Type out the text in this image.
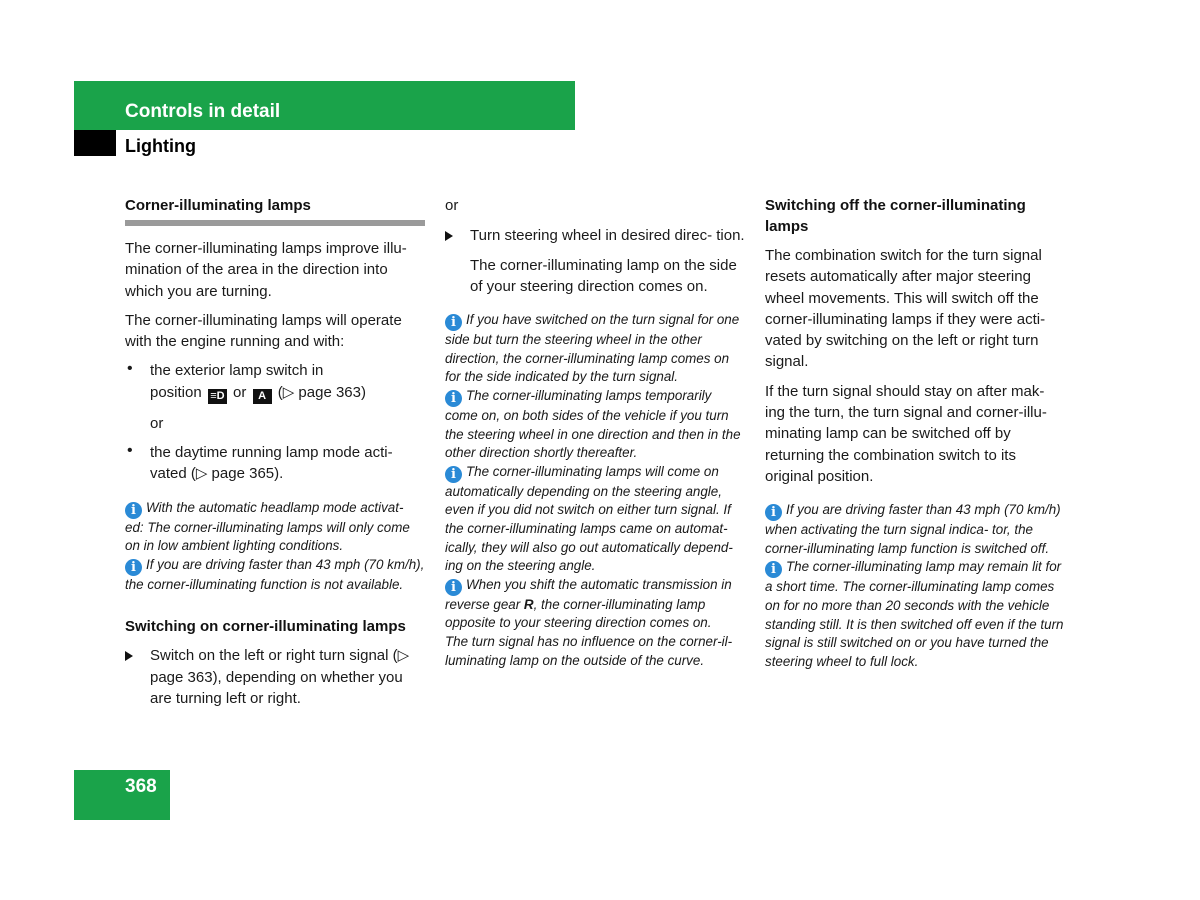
Controls in detail
Lighting
Corner-illuminating lamps

The corner-illuminating lamps improve illu- mination of the area in the direction into which you are turning.

The corner-illuminating lamps will operate with the engine running and with:

• the exterior lamp switch in

position ≡D or A (▷ page 363)

or

• the daytime running lamp mode acti- vated (▷ page 365).

i With the automatic headlamp mode activat- ed: The corner-illuminating lamps will only come on in low ambient lighting conditions.

i If you are driving faster than 43 mph (70 km/h), the corner-illuminating function is not available.

Switching on corner-illuminating lamps

Switch on the left or right turn signal (▷ page 363), depending on whether you are turning left or right.

or

Turn steering wheel in desired direc- tion.

The corner-illuminating lamp on the side of your steering direction comes on.

i If you have switched on the turn signal for one side but turn the steering wheel in the other direction, the corner-illuminating lamp comes on for the side indicated by the turn signal.

i The corner-illuminating lamps temporarily come on, on both sides of the vehicle if you turn the steering wheel in one direction and then in the other direction shortly thereafter.

i The corner-illuminating lamps will come on automatically depending on the steering angle, even if you did not switch on either turn signal. If the corner-illuminating lamps came on automat- ically, they will also go out automatically depend- ing on the steering angle.

i When you shift the automatic transmission in reverse gear R, the corner-illuminating lamp opposite to your steering direction comes on.

The turn signal has no influence on the corner-il- luminating lamp on the outside of the curve.

Switching off the corner-illuminating lamps

The combination switch for the turn signal resets automatically after major steering wheel movements. This will switch off the corner-illuminating lamps if they were acti- vated by switching on the left or right turn signal.

If the turn signal should stay on after mak- ing the turn, the turn signal and corner-illu- minating lamp can be switched off by returning the combination switch to its original position.

i If you are driving faster than 43 mph (70 km/h) when activating the turn signal indica- tor, the corner-illuminating lamp function is switched off.

i The corner-illuminating lamp may remain lit for a short time. The corner-illuminating lamp comes on for no more than 20 seconds with the vehicle standing still. It is then switched off even if the turn signal is still switched on or you have turned the steering wheel to full lock.

368
